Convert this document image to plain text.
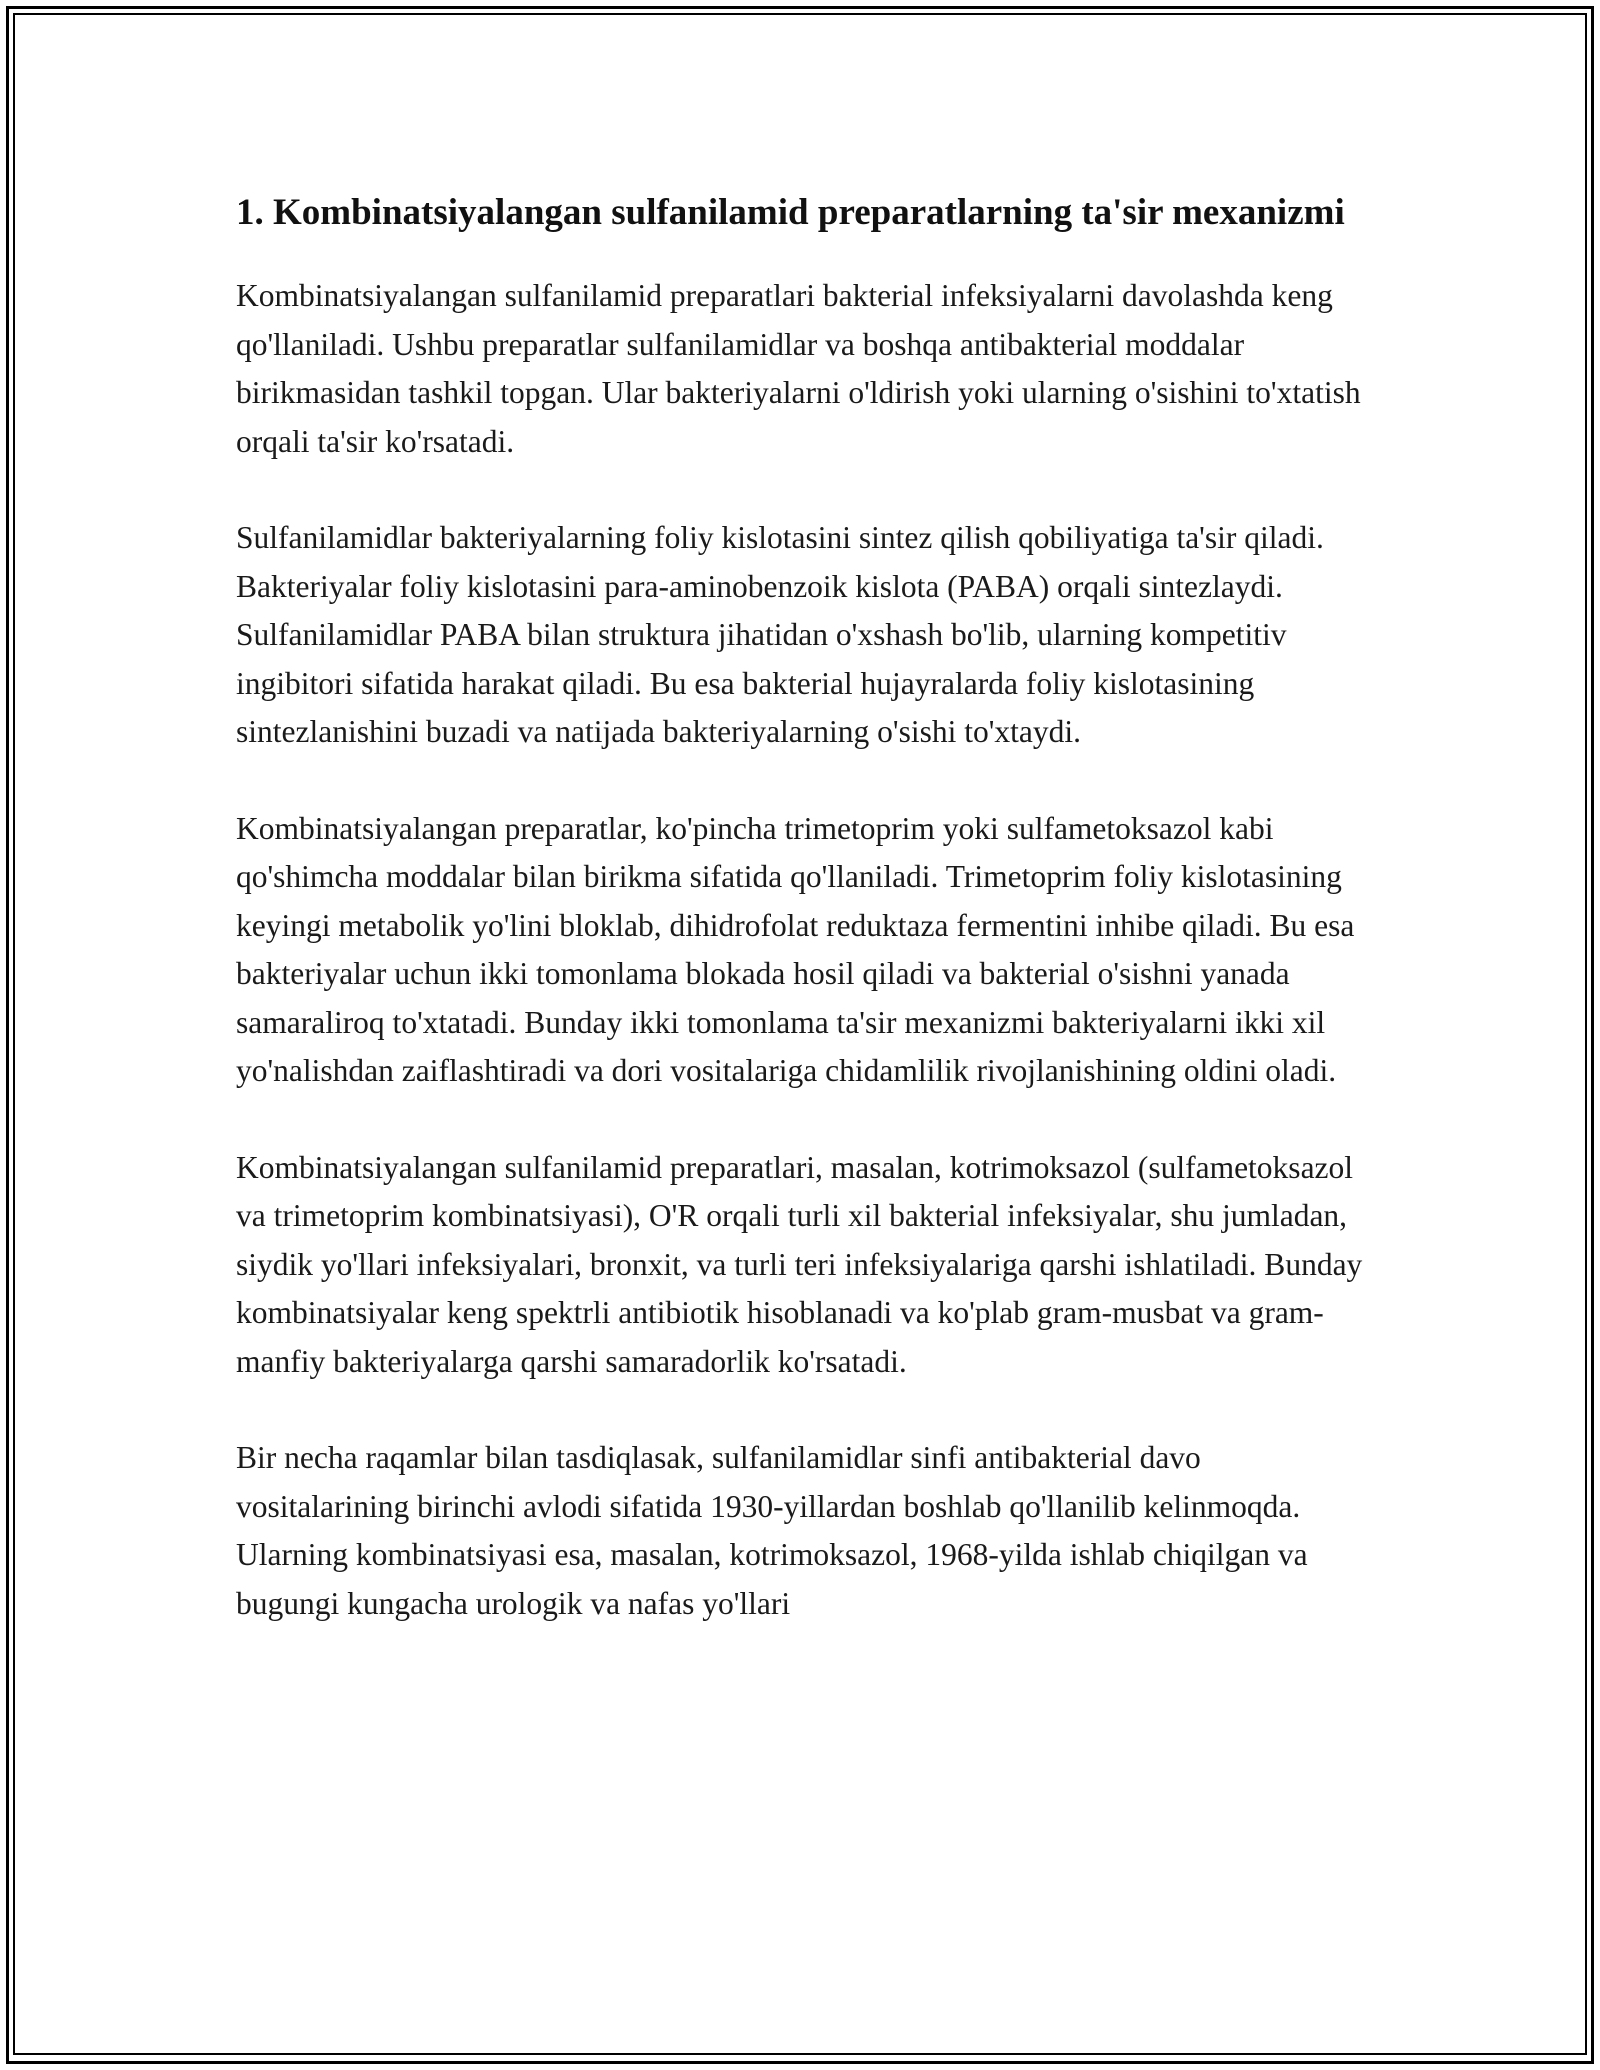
1. Kombinatsiyalangan sulfanilamid preparatlarning ta'sir mexanizmi

Kombinatsiyalangan sulfanilamid preparatlari bakterial infeksiyalarni davolashda keng qo'llaniladi. Ushbu preparatlar sulfanilamidlar va boshqa antibakterial moddalar birikmasidan tashkil topgan. Ular bakteriyalarni o'ldirish yoki ularning o'sishini to'xtatish orqali ta'sir ko'rsatadi.

Sulfanilamidlar bakteriyalarning foliy kislotasini sintez qilish qobiliyatiga ta'sir qiladi. Bakteriyalar foliy kislotasini para-aminobenzoik kislota (PABA) orqali sintezlaydi. Sulfanilamidlar PABA bilan struktura jihatidan o'xshash bo'lib, ularning kompetitiv ingibitori sifatida harakat qiladi. Bu esa bakterial hujayralarda foliy kislotasining sintezlanishini buzadi va natijada bakteriyalarning o'sishi to'xtaydi.

Kombinatsiyalangan preparatlar, ko'pincha trimetoprim yoki sulfametoksazol kabi qo'shimcha moddalar bilan birikma sifatida qo'llaniladi. Trimetoprim foliy kislotasining keyingi metabolik yo'lini bloklab, dihidrofolat reduktaza fermentini inhibe qiladi. Bu esa bakteriyalar uchun ikki tomonlama blokada hosil qiladi va bakterial o'sishni yanada samaraliroq to'xtatadi. Bunday ikki tomonlama ta'sir mexanizmi bakteriyalarni ikki xil yo'nalishdan zaiflashtiradi va dori vositalariga chidamlilik rivojlanishining oldini oladi.

Kombinatsiyalangan sulfanilamid preparatlari, masalan, kotrimoksazol (sulfametoksazol va trimetoprim kombinatsiyasi), O'R orqali turli xil bakterial infeksiyalar, shu jumladan, siydik yo'llari infeksiyalari, bronxit, va turli teri infeksiyalariga qarshi ishlatiladi. Bunday kombinatsiyalar keng spektrli antibiotik hisoblanadi va ko'plab gram-musbat va gram-manfiy bakteriyalarga qarshi samaradorlik ko'rsatadi.

Bir necha raqamlar bilan tasdiqlasak, sulfanilamidlar sinfi antibakterial davo vositalarining birinchi avlodi sifatida 1930-yillardan boshlab qo'llanilib kelinmoqda. Ularning kombinatsiyasi esa, masalan, kotrimoksazol, 1968-yilda ishlab chiqilgan va bugungi kungacha urologik va nafas yo'llari
